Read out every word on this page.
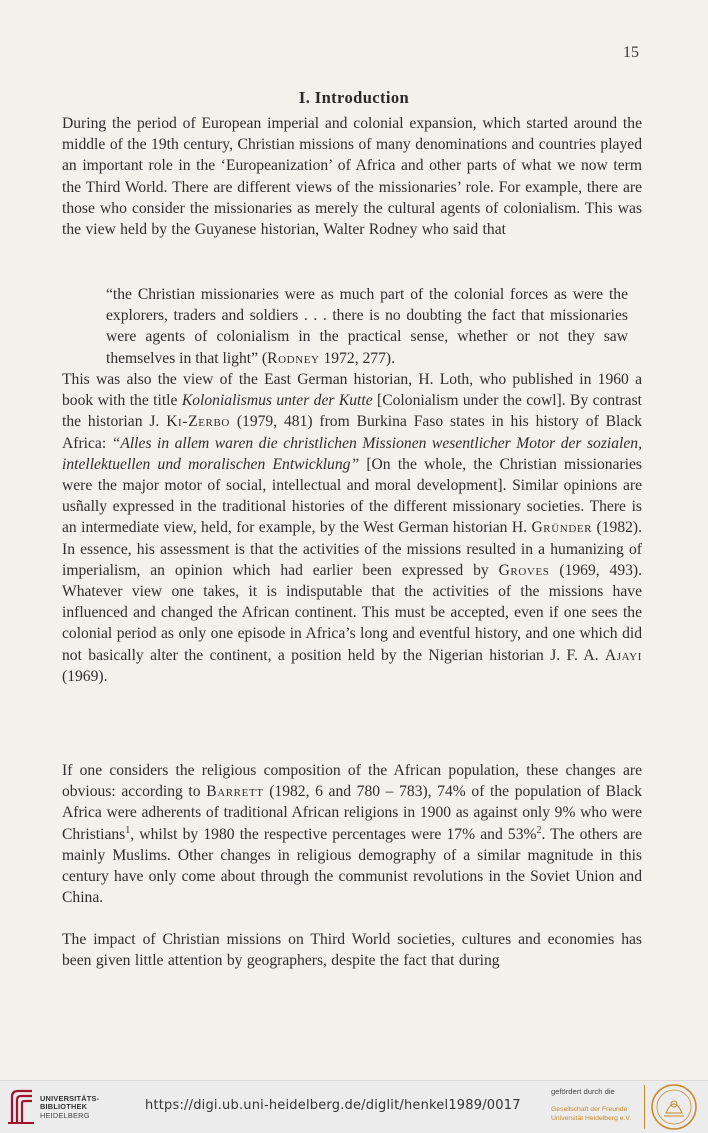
15
I. Introduction

During the period of European imperial and colonial expansion, which started around the middle of the 19th century, Christian missions of many denominations and countries played an important role in the ‘Europeanization’ of Africa and other parts of what we now term the Third World. There are different views of the missionaries’ role. For example, there are those who consider the missionaries as merely the cultural agents of colonialism. This was the view held by the Guyanese historian, Walter Rodney who said that

“the Christian missionaries were as much part of the colonial forces as were the explorers, traders and soldiers . . . there is no doubting the fact that missionaries were agents of colonialism in the practical sense, whether or not they saw themselves in that light” (Rodney 1972, 277).

This was also the view of the East German historian, H. Loth, who published in 1960 a book with the title Kolonialismus unter der Kutte [Colonialism under the cowl]. By contrast the historian J. Ki-Zerbo (1979, 481) from Burkina Faso states in his history of Black Africa: “Alles in allem waren die christlichen Missionen wesentlicher Motor der sozialen, intellektuellen und moralischen Entwicklung” [On the whole, the Christian missionaries were the major motor of social, intellectual and moral development]. Similar opinions are usñally expressed in the traditional histories of the different missionary societies. There is an intermediate view, held, for example, by the West German historian H. Gründer (1982). In essence, his assessment is that the activities of the missions resulted in a humanizing of imperialism, an opinion which had earlier been expressed by Groves (1969, 493). Whatever view one takes, it is indisputable that the activities of the missions have influenced and changed the African continent. This must be accepted, even if one sees the colonial period as only one episode in Africa’s long and eventful history, and one which did not basically alter the continent, a position held by the Nigerian historian J. F. A. Ajayi (1969).

If one considers the religious composition of the African population, these changes are obvious: according to Barrett (1982, 6 and 780 – 783), 74% of the population of Black Africa were adherents of traditional African religions in 1900 as against only 9% who were Christians$^1$, whilst by 1980 the respective percentages were 17% and 53%$^2$. The others are mainly Muslims. Other changes in religious demography of a similar magnitude in this century have only come about through the communist revolutions in the Soviet Union and China.

The impact of Christian missions on Third World societies, cultures and economies has been given little attention by geographers, despite the fact that during

UNIVERSITÄTS-
BIBLIOTHEK
HEIDELBERG
https://digi.ub.uni-heidelberg.de/diglit/henkel1989/0017
gefördert durch die
Gesellschaft der Freunde
Universität Heidelberg e.V.
